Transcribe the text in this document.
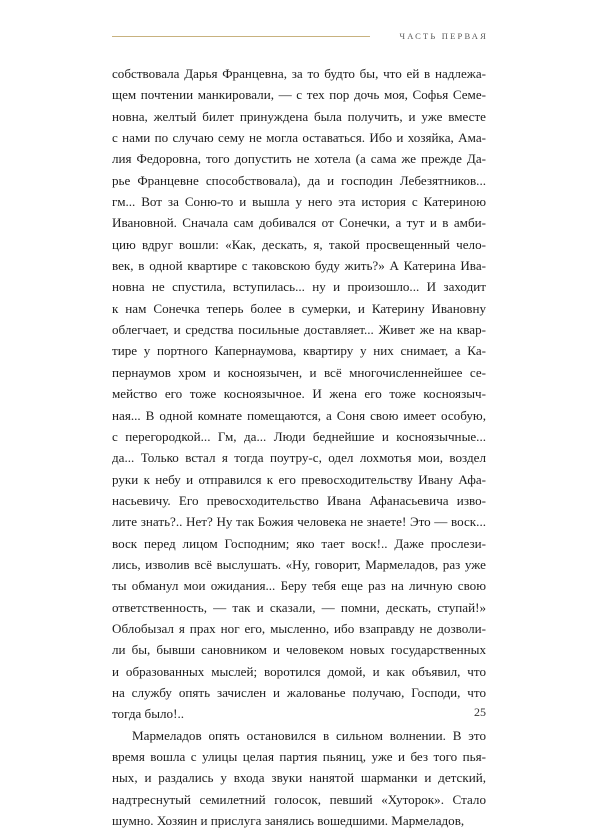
ЧАСТЬ ПЕРВАЯ

собствовала Дарья Францевна, за то будто бы, что ей в надлежа-
щем почтении манкировали, — с тех пор дочь моя, Софья Семе-
новна, желтый билет принуждена была получить, и уже вместе
с нами по случаю сему не могла оставаться. Ибо и хозяйка, Ама-
лия Федоровна, того допустить не хотела (а сама же прежде Да-
рье Францевне способствовала), да и господин Лебезятников...
гм... Вот за Соню-то и вышла у него эта история с Катериною
Ивановной. Сначала сам добивался от Сонечки, а тут и в амби-
цию вдруг вошли: «Как, дескать, я, такой просвещенный чело-
век, в одной квартире с таковскою буду жить?» А Катерина Ива-
новна не спустила, вступилась... ну и произошло... И заходит
к нам Сонечка теперь более в сумерки, и Катерину Ивановну
облегчает, и средства посильные доставляет... Живет же на квар-
тире у портного Капернаумова, квартиру у них снимает, а Ка-
пернаумов хром и косноязычен, и всё многочисленнейшее се-
мейство его тоже косноязычное. И жена его тоже косноязыч-
ная... В одной комнате помещаются, а Соня свою имеет особую,
с перегородкой... Гм, да... Люди беднейшие и косноязычные...
да... Только встал я тогда поутру-с, одел лохмотья мои, воздел
руки к небу и отправился к его превосходительству Ивану Афа-
насьевичу. Его превосходительство Ивана Афанасьевича изво-
лите знать?.. Нет? Ну так Божия человека не знаете! Это — воск...
воск перед лицом Господним; яко тает воск!.. Даже прослези-
лись, изволив всё выслушать. «Ну, говорит, Мармеладов, раз уже
ты обманул мои ожидания... Беру тебя еще раз на личную свою
ответственность, — так и сказали, — помни, дескать, ступай!»
Облобызал я прах ног его, мысленно, ибо взаправду не дозволи-
ли бы, бывши сановником и человеком новых государственных
и образованных мыслей; воротился домой, и как объявил, что
на службу опять зачислен и жалованье получаю, Господи, что
тогда было!..

Мармеладов опять остановился в сильном волнении. В это
время вошла с улицы целая партия пьяниц, уже и без того пья-
ных, и раздались у входа звуки нанятой шарманки и детский,
надтреснутый семилетний голосок, певший «Хуторок». Стало
шумно. Хозяин и прислуга занялись вошедшими. Мармеладов,

25
